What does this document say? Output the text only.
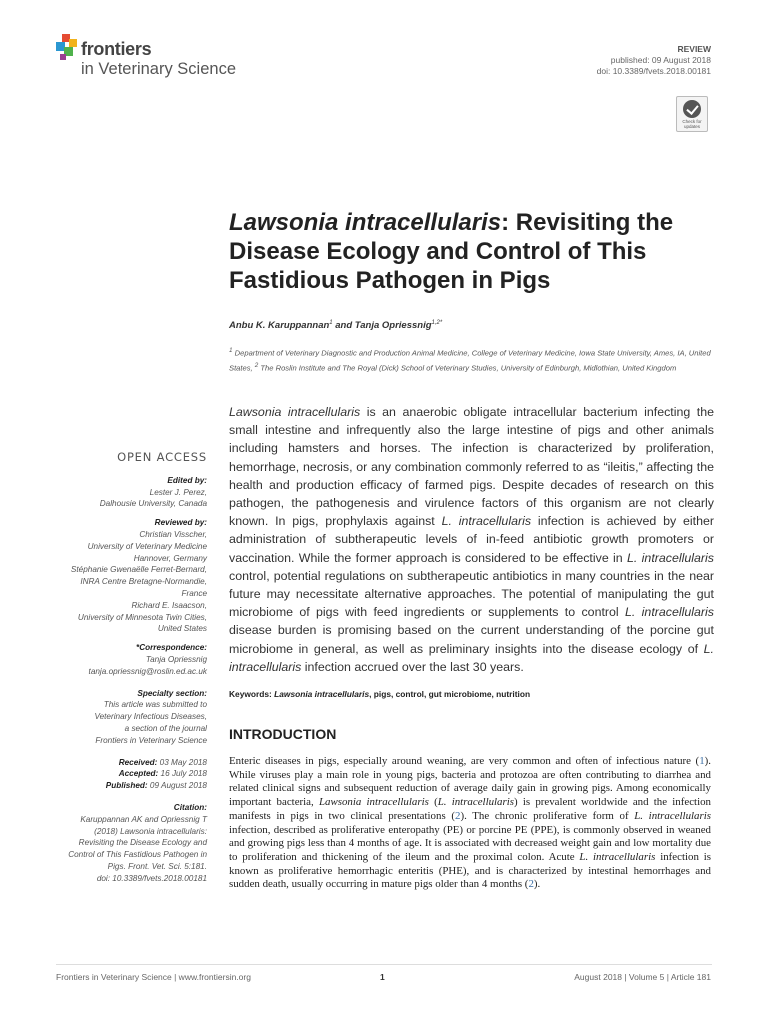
frontiers
in Veterinary Science
REVIEW
published: 09 August 2018
doi: 10.3389/fvets.2018.00181
Check for
updates
Lawsonia intracellularis: Revisiting the Disease Ecology and Control of This Fastidious Pathogen in Pigs
Anbu K. Karuppannan$^1$ and Tanja Opriessnig$^{1,2*}$
$^1$ Department of Veterinary Diagnostic and Production Animal Medicine, College of Veterinary Medicine, Iowa State University, Ames, IA, United States, $^2$ The Roslin Institute and The Royal (Dick) School of Veterinary Studies, University of Edinburgh, Midlothian, United Kingdom

Lawsonia intracellularis is an anaerobic obligate intracellular bacterium infecting the small intestine and infrequently also the large intestine of pigs and other animals including hamsters and horses. The infection is characterized by proliferation, hemorrhage, necrosis, or any combination commonly referred to as “ileitis,” affecting the health and production efficacy of farmed pigs. Despite decades of research on this pathogen, the pathogenesis and virulence factors of this organism are not clearly known. In pigs, prophylaxis against L. intracellularis infection is achieved by either administration of subtherapeutic levels of in-feed antibiotic growth promoters or vaccination. While the former approach is considered to be effective in L. intracellularis control, potential regulations on subtherapeutic antibiotics in many countries in the near future may necessitate alternative approaches. The potential of manipulating the gut microbiome of pigs with feed ingredients or supplements to control L. intracellularis disease burden is promising based on the current understanding of the porcine gut microbiome in general, as well as preliminary insights into the disease ecology of L. intracellularis infection accrued over the last 30 years.

Keywords: Lawsonia intracellularis, pigs, control, gut microbiome, nutrition
INTRODUCTION

Enteric diseases in pigs, especially around weaning, are very common and often of infectious nature (1). While viruses play a main role in young pigs, bacteria and protozoa are often contributing to diarrhea and related clinical signs and subsequent reduction of average daily gain in growing pigs. Among economically important bacteria, Lawsonia intracellularis (L. intracellularis) is prevalent worldwide and the infection manifests in pigs in two clinical presentations (2). The chronic proliferative form of L. intracellularis infection, described as proliferative enteropathy (PE) or porcine PE (PPE), is commonly observed in weaned and growing pigs less than 4 months of age. It is associated with decreased weight gain and low mortality due to proliferation and thickening of the ileum and the proximal colon. Acute L. intracellularis infection is known as proliferative hemorrhagic enteritis (PHE), and is characterized by intestinal hemorrhages and sudden death, usually occurring in mature pigs older than 4 months (2).

OPEN ACCESS
Edited by:
Lester J. Perez,
Dalhousie University, Canada
Reviewed by:
Christian Visscher,
University of Veterinary Medicine
Hannover, Germany
Stéphanie Gwenaëlle Ferret-Bernard,
INRA Centre Bretagne-Normandie,
France
Richard E. Isaacson,
University of Minnesota Twin Cities,
United States
*Correspondence:
Tanja Opriessnig
tanja.opriessnig@roslin.ed.ac.uk
Specialty section:
This article was submitted to
Veterinary Infectious Diseases,
a section of the journal
Frontiers in Veterinary Science
Received: 03 May 2018
Accepted: 16 July 2018
Published: 09 August 2018
Citation:
Karuppannan AK and Opriessnig T
(2018) Lawsonia intracellularis:
Revisiting the Disease Ecology and
Control of This Fastidious Pathogen in
Pigs. Front. Vet. Sci. 5:181.
doi: 10.3389/fvets.2018.00181
Frontiers in Veterinary Science | www.frontiersin.org	1	August 2018 | Volume 5 | Article 181
